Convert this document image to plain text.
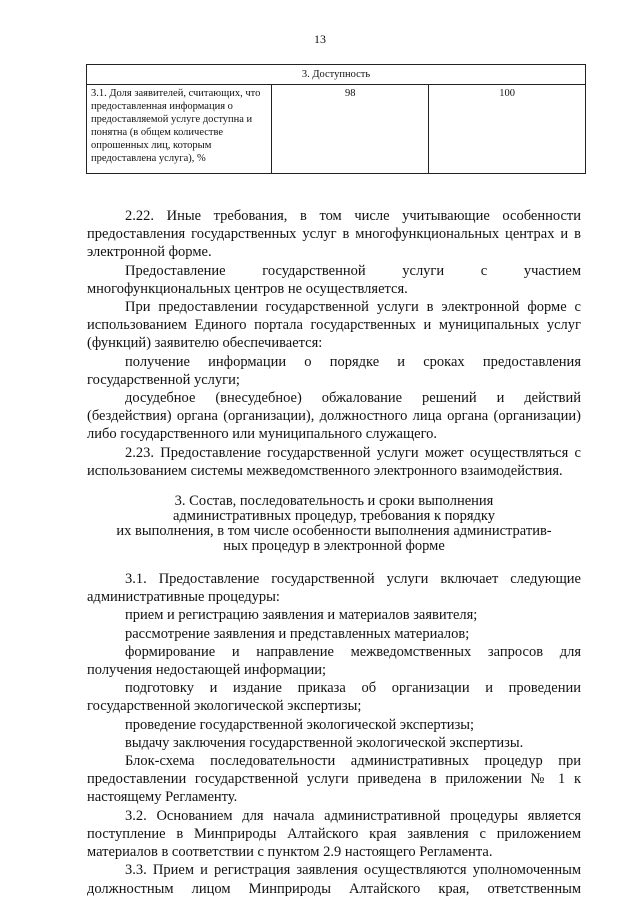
13
3. Доступность
3.1. Доля заявителей, считающих, что предоставленная информация о предоставляемой услуге доступна и понятна (в общем количестве опрошенных лиц, которым предоставлена услуга), %	98	100

2.22. Иные требования, в том числе учитывающие особенности предоставления государственных услуг в многофункциональных центрах и в электронной форме.

Предоставление государственной услуги с участием многофункциональных центров не осуществляется.

При предоставлении государственной услуги в электронной форме с использованием Единого портала государственных и муниципальных услуг (функций) заявителю обеспечивается:

получение информации о порядке и сроках предоставления государственной услуги;

досудебное (внесудебное) обжалование решений и действий (бездействия) органа (организации), должностного лица органа (организации) либо государственного или муниципального служащего.

2.23. Предоставление государственной услуги может осуществляться с использованием системы межведомственного электронного взаимодействия.

3. Состав, последовательность и сроки выполнения
административных процедур, требования к порядку
их выполнения, в том числе особенности выполнения административ-
ных процедур в электронной форме

3.1. Предоставление государственной услуги включает следующие административные процедуры:

прием и регистрацию заявления и материалов заявителя;

рассмотрение заявления и представленных материалов;

формирование и направление межведомственных запросов для получения недостающей информации;

подготовку и издание приказа об организации и проведении государственной экологической экспертизы;

проведение государственной экологической экспертизы;

выдачу заключения государственной экологической экспертизы.

Блок-схема последовательности административных процедур при предоставлении государственной услуги приведена в приложении № 1 к настоящему Регламенту.

3.2. Основанием для начала административной процедуры является поступление в Минприроды Алтайского края заявления с приложением материалов в соответствии с пунктом 2.9 настоящего Регламента.

3.3. Прием и регистрация заявления осуществляются уполномоченным должностным лицом Минприроды Алтайского края, ответственным
